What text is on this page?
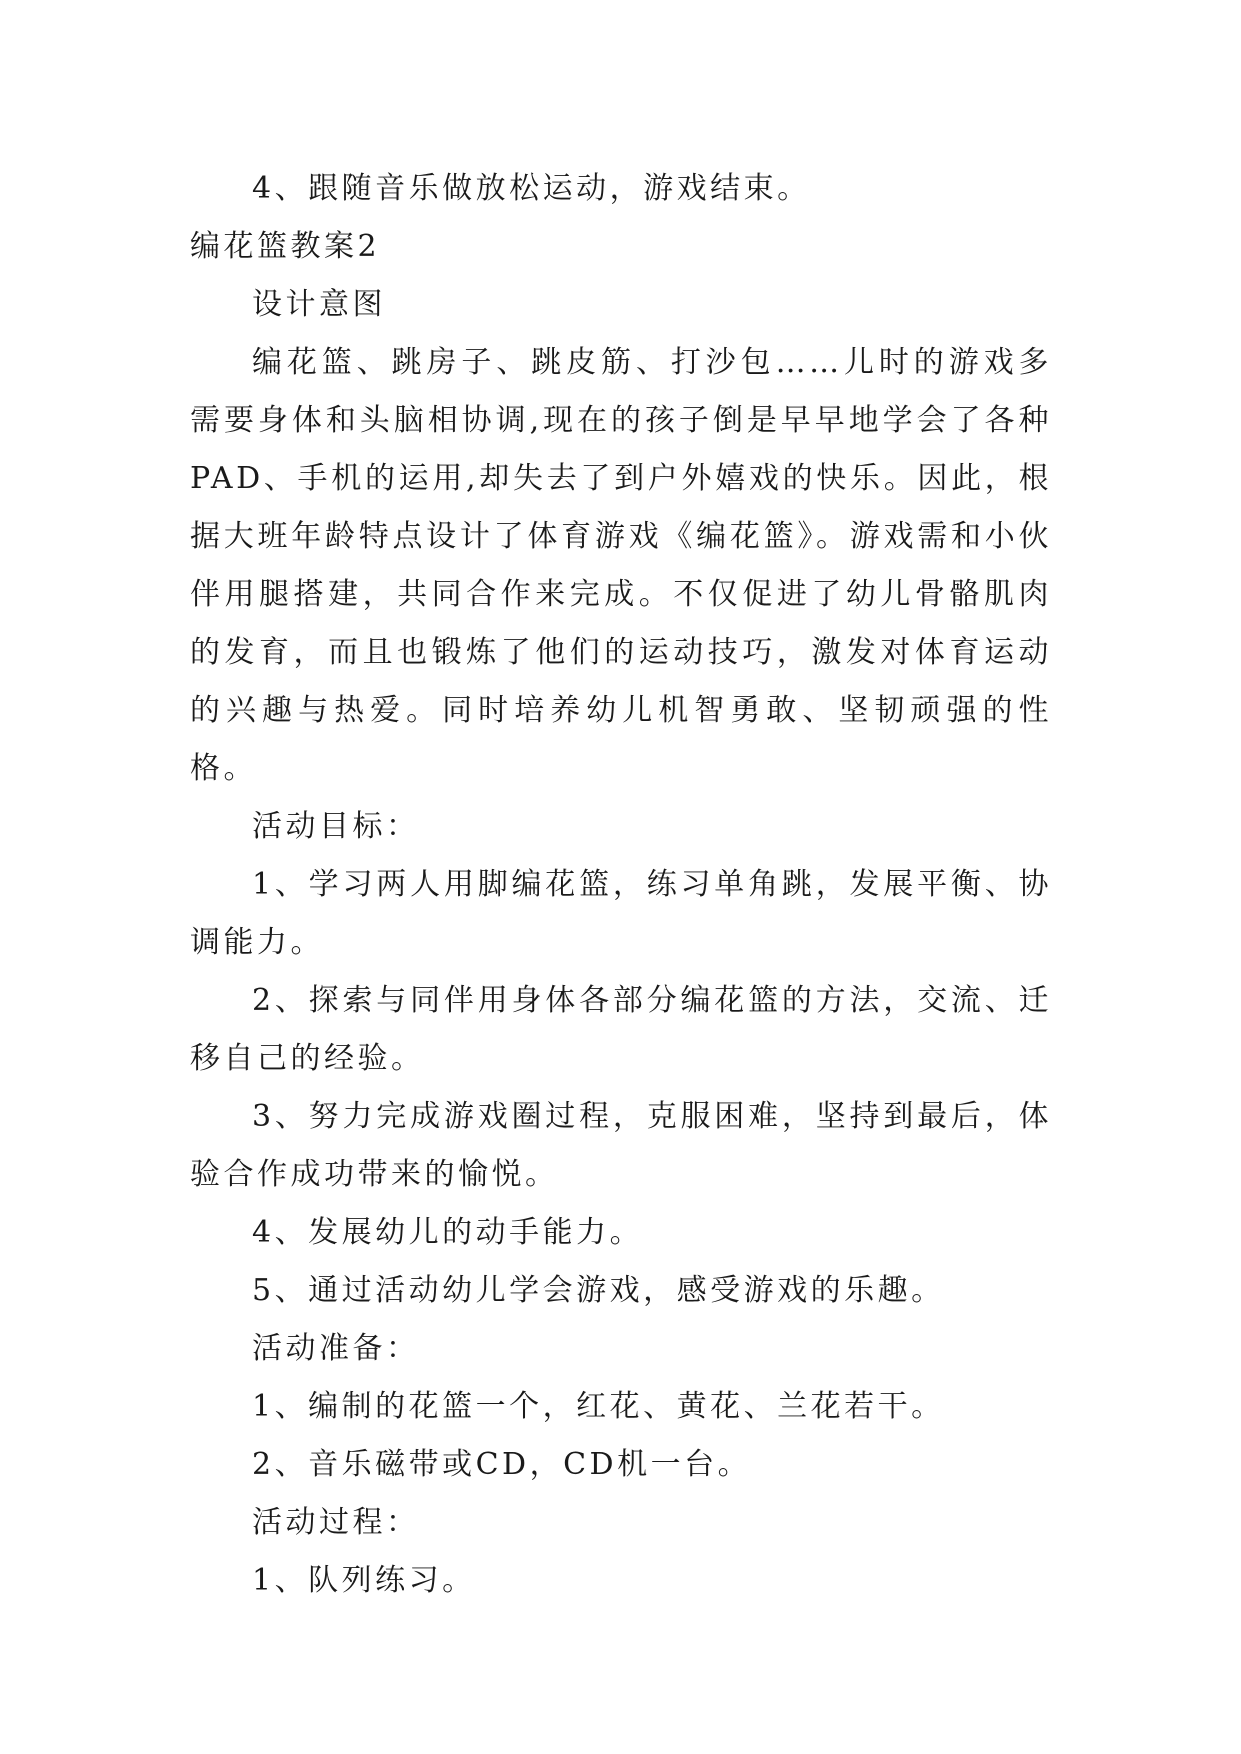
4、跟随音乐做放松运动，游戏结束。

编花篮教案2

设计意图

编花篮、跳房子、跳皮筋、打沙包……儿时的游戏多需要身体和头脑相协调,现在的孩子倒是早早地学会了各种PAD、手机的运用,却失去了到户外嬉戏的快乐。因此，根据大班年龄特点设计了体育游戏《编花篮》。游戏需和小伙伴用腿搭建，共同合作来完成。不仅促进了幼儿骨骼肌肉的发育，而且也锻炼了他们的运动技巧，激发对体育运动的兴趣与热爱。同时培养幼儿机智勇敢、坚韧顽强的性格。

活动目标：

1、学习两人用脚编花篮，练习单角跳，发展平衡、协调能力。

2、探索与同伴用身体各部分编花篮的方法，交流、迁移自己的经验。

3、努力完成游戏圈过程，克服困难，坚持到最后，体验合作成功带来的愉悦。

4、发展幼儿的动手能力。

5、通过活动幼儿学会游戏，感受游戏的乐趣。

活动准备：

1、编制的花篮一个，红花、黄花、兰花若干。

2、音乐磁带或CD，CD机一台。

活动过程：

1、队列练习。
